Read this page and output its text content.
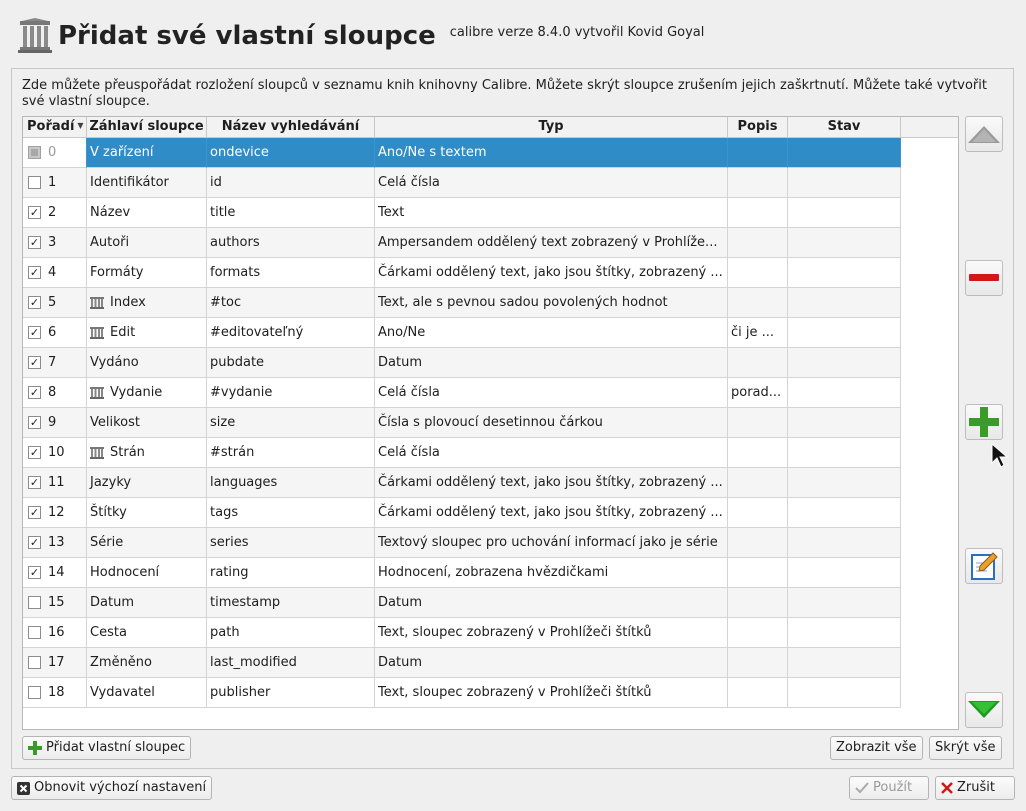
Přidat své vlastní sloupce calibre verze 8.4.0 vytvořil Kovid Goyal
Zde můžete přeuspořádat rozložení sloupců v seznamu knih knihovny Calibre. Můžete skrýt sloupce zrušením jejich zaškrtnutí. Můžete také vytvořit své vlastní sloupce.
Pořadí ▼ Záhlaví sloupce	Název vyhledávání	Typ	Popis	Stav
0	V zařízení	ondevice	Ano/Ne s textem
1	Identifikátor	id	Celá čísla
✓ 2	Název	title	Text
✓ 3	Autoři	authors	Ampersandem oddělený text zobrazený v Prohlíže...
✓ 4	Formáty	formats	Čárkami oddělený text, jako jsou štítky, zobrazený ...
✓ 5	Index	#toc	Text, ale s pevnou sadou povolených hodnot
✓ 6	Edit	#editovateľný	Ano/Ne	či je ...
✓ 7	Vydáno	pubdate	Datum
✓ 8	Vydanie	#vydanie	Celá čísla	porad...
✓ 9	Velikost	size	Čísla s plovoucí desetinnou čárkou
✓ 10	Strán	#strán	Celá čísla
✓ 11 Jazyky	languages	Čárkami oddělený text, jako jsou štítky, zobrazený ...
✓ 12 Štítky	tags	Čárkami oddělený text, jako jsou štítky, zobrazený ...
✓ 13 Série	series	Textový sloupec pro uchování informací jako je série
✓ 14 Hodnocení	rating	Hodnocení, zobrazena hvězdičkami
15 Datum	timestamp	Datum
16 Cesta	path	Text, sloupec zobrazený v Prohlížeči štítků
17 Změněno	last_modified	Datum
18 Vydavatel	publisher	Text, sloupec zobrazený v Prohlížeči štítků
Přidat vlastní sloupec	Zobrazit vše Skrýt vše
Obnovit výchozí nastavení	Použít	Zrušit
